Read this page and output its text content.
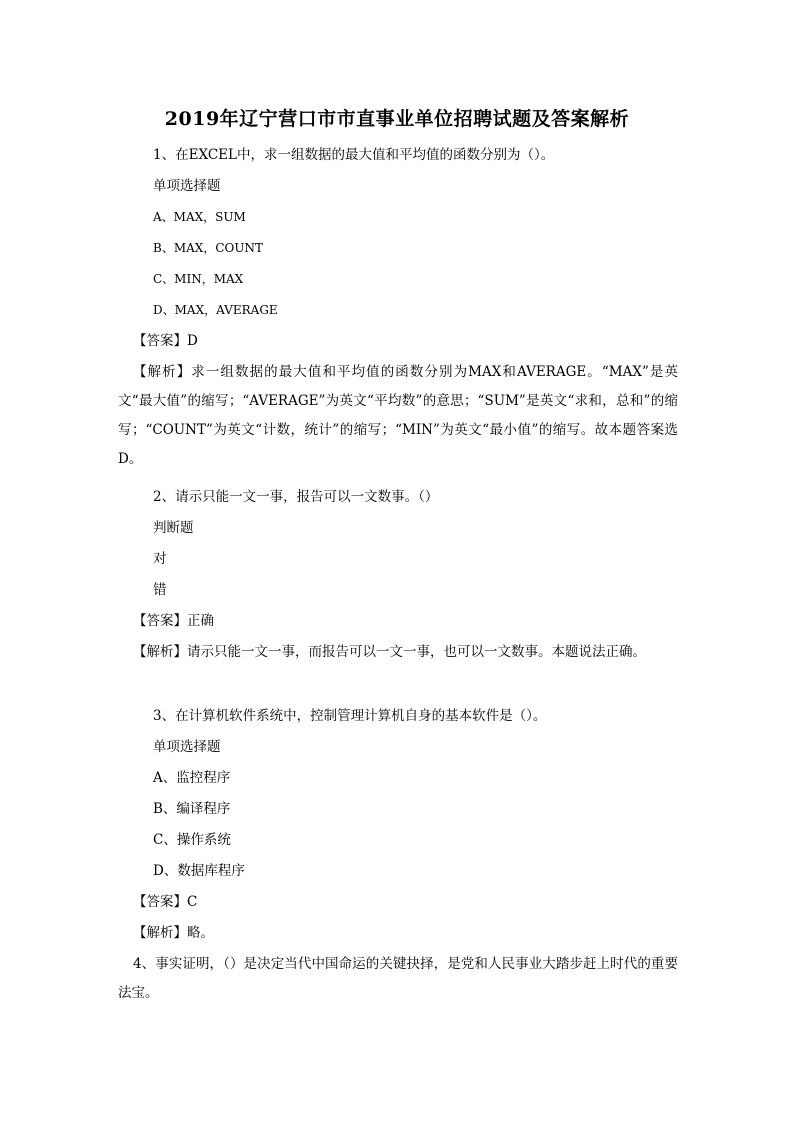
2019年辽宁营口市市直事业单位招聘试题及答案解析
1、在EXCEL中，求一组数据的最大值和平均值的函数分别为（）。
单项选择题
A、MAX，SUM
B、MAX，COUNT
C、MIN，MAX
D、MAX，AVERAGE
【答案】D
【解析】求一组数据的最大值和平均值的函数分别为MAX和AVERAGE。“MAX”是英文“最大值”的缩写；“AVERAGE”为英文“平均数”的意思；“SUM”是英文“求和，总和”的缩写；“COUNT”为英文“计数，统计”的缩写；“MIN”为英文“最小值”的缩写。故本题答案选D。
2、请示只能一文一事，报告可以一文数事。（）
判断题
对
错
【答案】正确
【解析】请示只能一文一事，而报告可以一文一事，也可以一文数事。本题说法正确。
3、在计算机软件系统中，控制管理计算机自身的基本软件是（）。
单项选择题
A、监控程序
B、编译程序
C、操作系统
D、数据库程序
【答案】C
【解析】略。
4、事实证明，（）是决定当代中国命运的关键抉择，是党和人民事业大踏步赶上时代的重要法宝。
